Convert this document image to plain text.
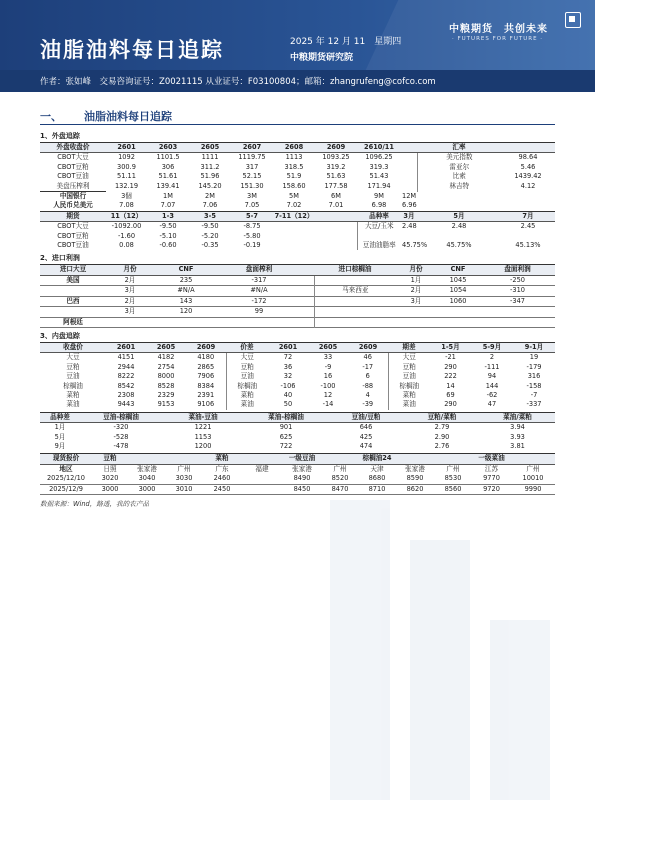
油脂油料每日追踪	2025 年 12 月 11　星期四
中粮期货研究院
中粮期货　共创未来
· FUTURES FOR FUTURE ·
作者：张如峰　交易咨询证号：Z0021115 从业证号：F03100804；邮箱：zhangrufeng@cofco.com
一、 油脂油料每日追踪
1、外盘追踪
外盘收盘价	2601	2603	2605	2607	2608	2609	2610/11		汇率	
CBOT大豆	1092	1101.5	1111	1119.75	1113	1093.25	1096.25		美元指数	98.64
CBOT豆粕	300.9	306	311.2	317	318.5	319.2	319.3		雷亚尔	5.46
CBOT豆油	51.11	51.61	51.96	52.15	51.9	51.63	51.43		比索	1439.42
美盘压榨利	132.19	139.41	145.20	151.30	158.60	177.58	171.94		林吉特	4.12
中国银行	3個	1M	2M	3M	5M	6M	9M	12M		
人民币兑美元	7.08	7.07	7.06	7.05	7.02	7.01	6.98	6.96		
期货	11（12）	1-3	3-5	5-7	7-11（12）		品种率	3月	5月	7月
CBOT大豆	-1092.00	-9.50	-9.50	-8.75			大豆/玉米	2.48	2.48	2.45
CBOT豆粕	-1.60	-5.10	-5.20	-5.80						
CBOT豆油	0.08	-0.60	-0.35	-0.19			豆油油脂率	45.75%	45.75%	45.13%
2、进口利润
进口大豆	月份	CNF	盘面榨利		进口棕榈油	月份	CNF	盘面利润
美国	2月	235	-317			1月	1045	-250
	3月	#N/A	#N/A		马来西亚	2月	1054	-310
巴西	2月	143	-172			3月	1060	-347
	3月	120	99					
阿根廷								
3、内盘追踪
收盘价	2601	2605	2609	价差	2601	2605	2609	期差	1-5月	5-9月	9-1月
大豆	4151	4182	4180	大豆	72	33	46	大豆	-21	2	19
豆粕	2944	2754	2865	豆粕	36	-9	-17	豆粕	290	-111	-179
豆油	8222	8000	7906	豆油	32	16	6	豆油	222	94	316
棕榈油	8542	8528	8384	棕榈油	-106	-100	-88	棕榈油	14	144	-158
菜粕	2308	2329	2391	菜粕	40	12	4	菜粕	69	-62	-7
菜油	9443	9153	9106	菜油	50	-14	-39	菜油	290	47	-337
品种差	豆油-棕榈油	菜油-豆油	菜油-棕榈油	豆油/豆粕	豆粕/菜粕	菜油/菜粕
1月	-320	1221	901	646	2.79	3.94
5月	-528	1153	625	425	2.90	3.93
9月	-478	1200	722	474	2.76	3.81
现货报价	豆粕			菜粕		一级豆油		棕榈油24			一级菜油	
地区	日照	张家港	广州	广东	福建	张家港	广州	天津	张家港	广州	江苏	广州
2025/12/10	3020	3040	3030	2460		8490	8520	8680	8590	8530	9770	10010
2025/12/9	3000	3000	3010	2450		8450	8470	8710	8620	8560	9720	9990
数据来源：Wind，路透，我的农产品
